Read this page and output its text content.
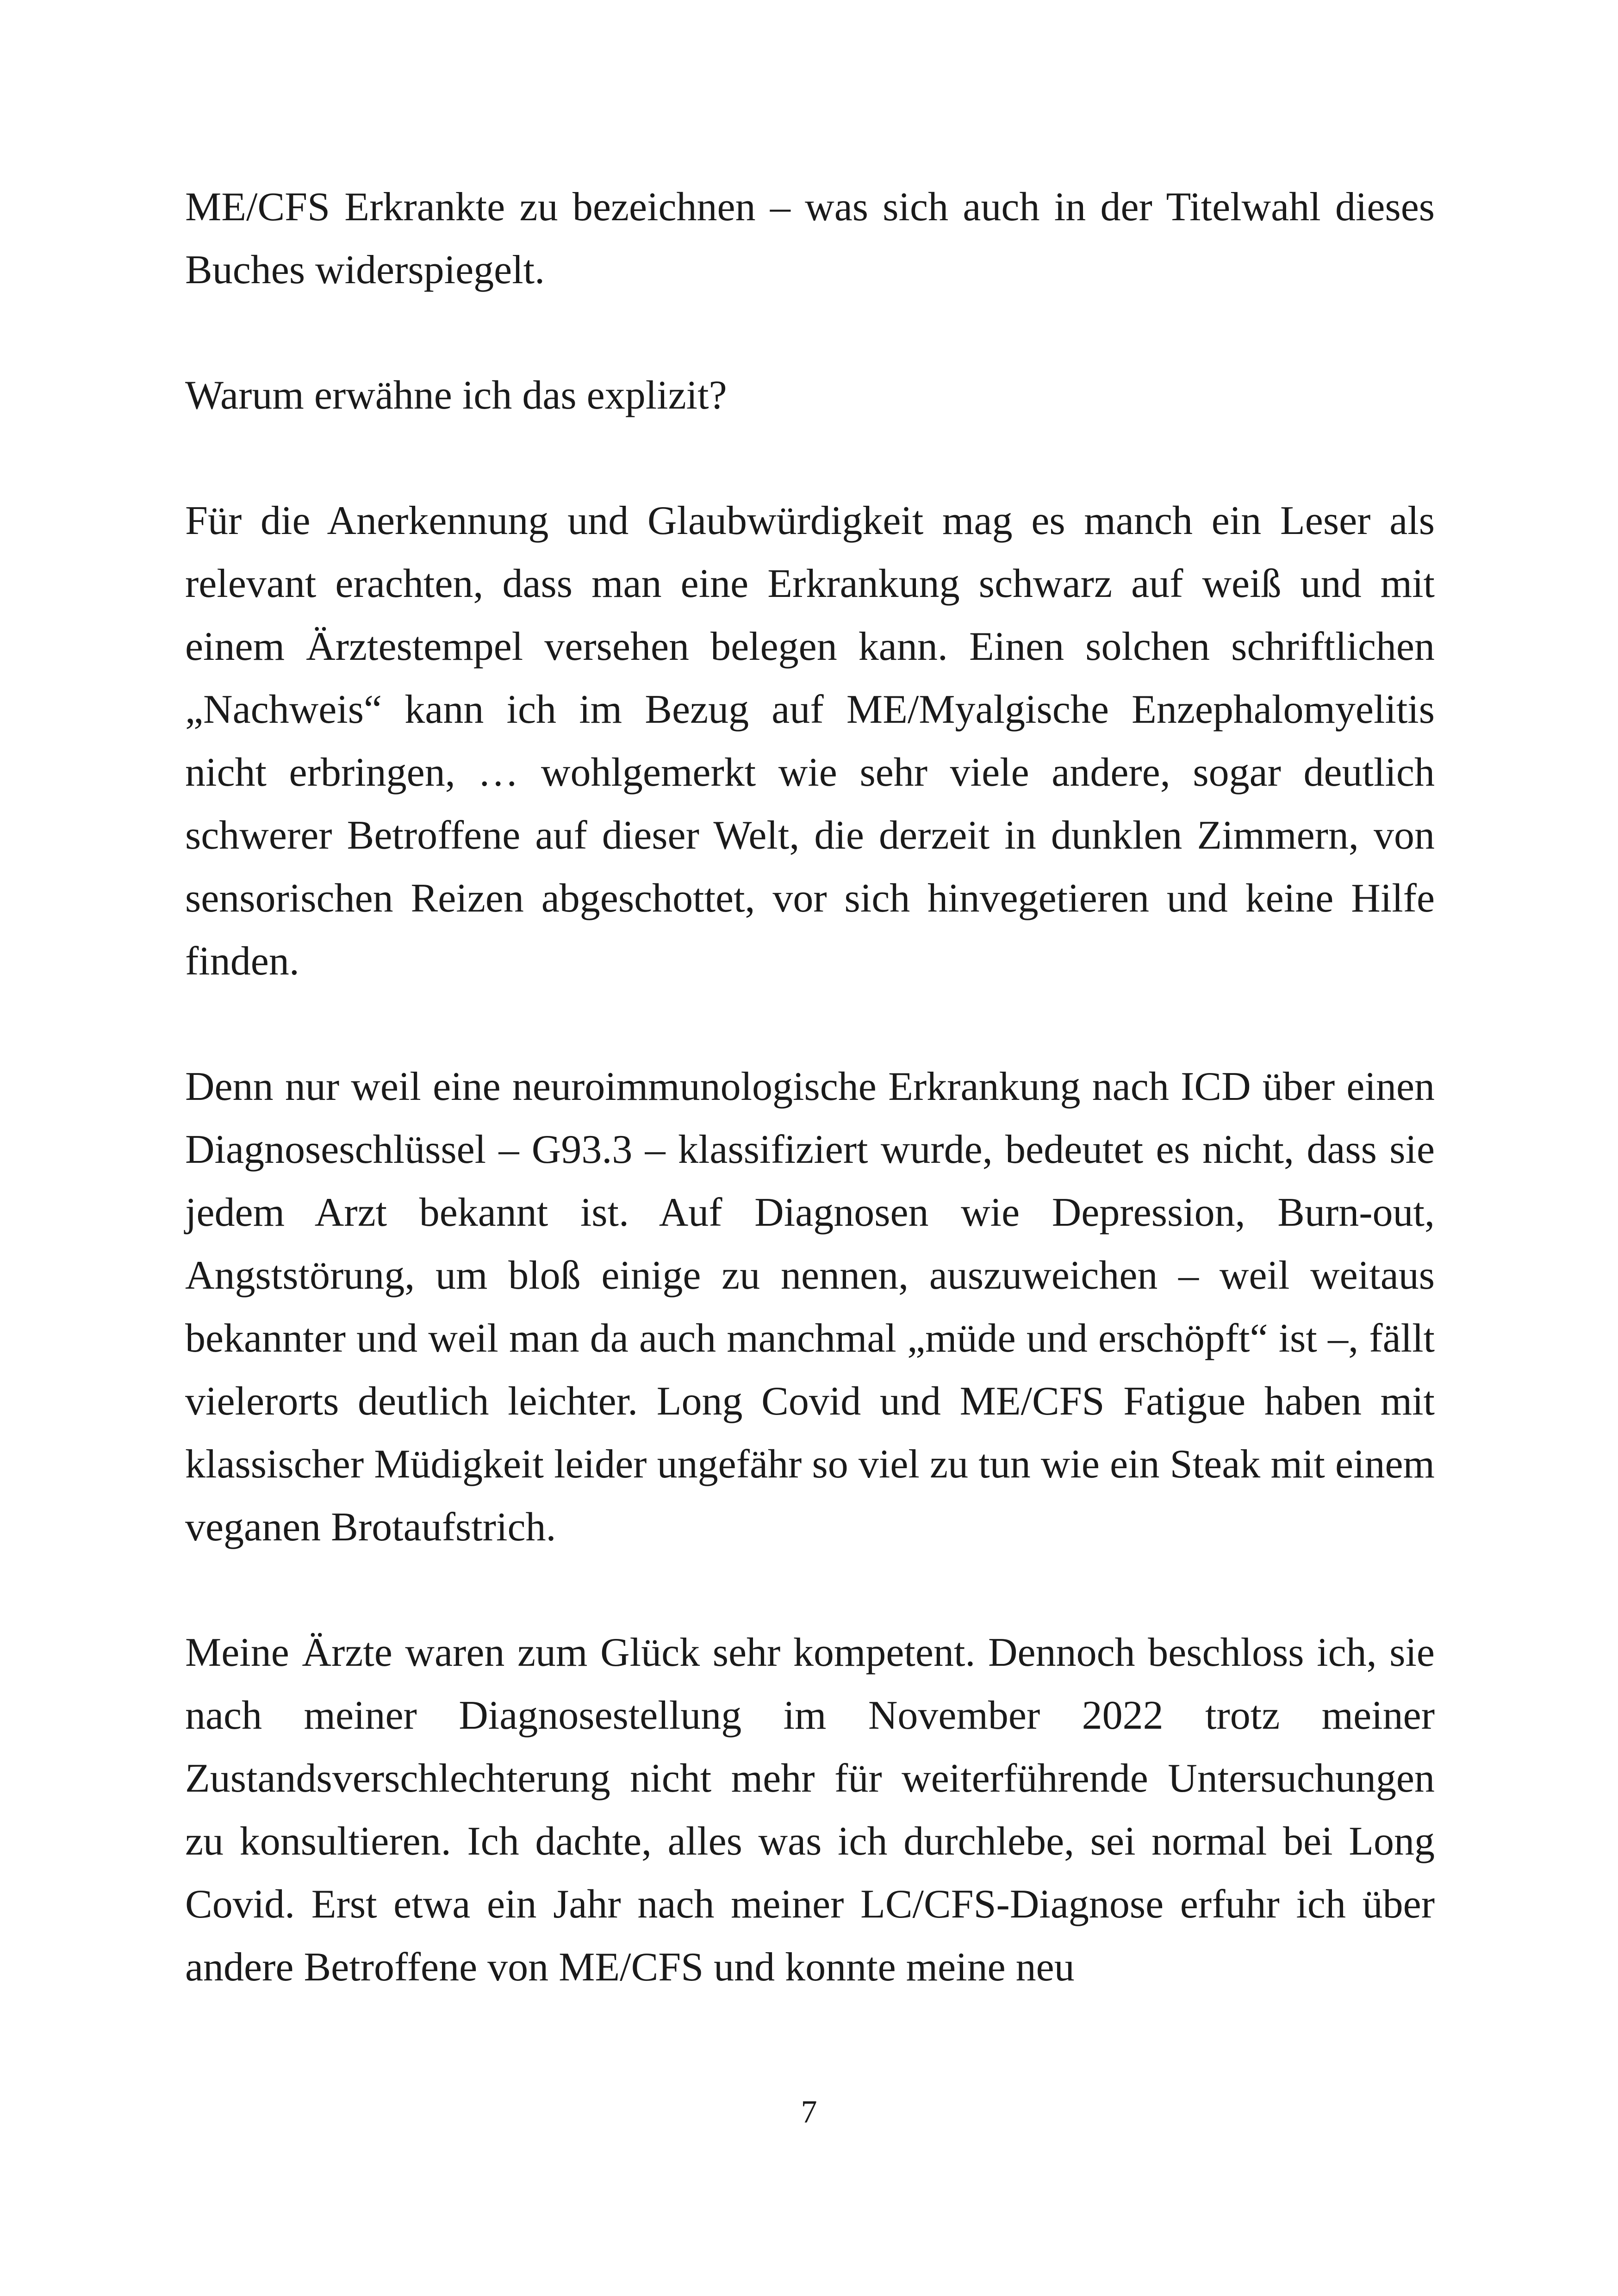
ME/CFS Erkrankte zu bezeichnen – was sich auch in der Titelwahl dieses Buches widerspiegelt.

Warum erwähne ich das explizit?

Für die Anerkennung und Glaubwürdigkeit mag es manch ein Leser als relevant erachten, dass man eine Erkrankung schwarz auf weiß und mit einem Ärztestempel versehen belegen kann. Einen solchen schriftlichen „Nachweis“ kann ich im Bezug auf ME/Myalgische Enzephalomyelitis nicht erbringen, … wohlgemerkt wie sehr viele andere, sogar deutlich schwerer Betroffene auf dieser Welt, die derzeit in dunklen Zimmern, von sensorischen Reizen abgeschottet, vor sich hinvegetieren und keine Hilfe finden.

Denn nur weil eine neuroimmunologische Erkrankung nach ICD über einen Diagnoseschlüssel – G93.3 – klassifiziert wurde, bedeutet es nicht, dass sie jedem Arzt bekannt ist. Auf Diagnosen wie Depression, Burn-out, Angststörung, um bloß einige zu nennen, auszuweichen – weil weitaus bekannter und weil man da auch manchmal „müde und erschöpft“ ist –, fällt vielerorts deutlich leichter. Long Covid und ME/CFS Fatigue haben mit klassischer Müdigkeit leider ungefähr so viel zu tun wie ein Steak mit einem veganen Brotaufstrich.

Meine Ärzte waren zum Glück sehr kompetent. Dennoch beschloss ich, sie nach meiner Diagnosestellung im November 2022 trotz meiner Zustandsverschlechterung nicht mehr für weiterführende Untersuchungen zu konsultieren. Ich dachte, alles was ich durchlebe, sei normal bei Long Covid. Erst etwa ein Jahr nach meiner LC/CFS-Diagnose erfuhr ich über andere Betroffene von ME/CFS und konnte meine neu

7
